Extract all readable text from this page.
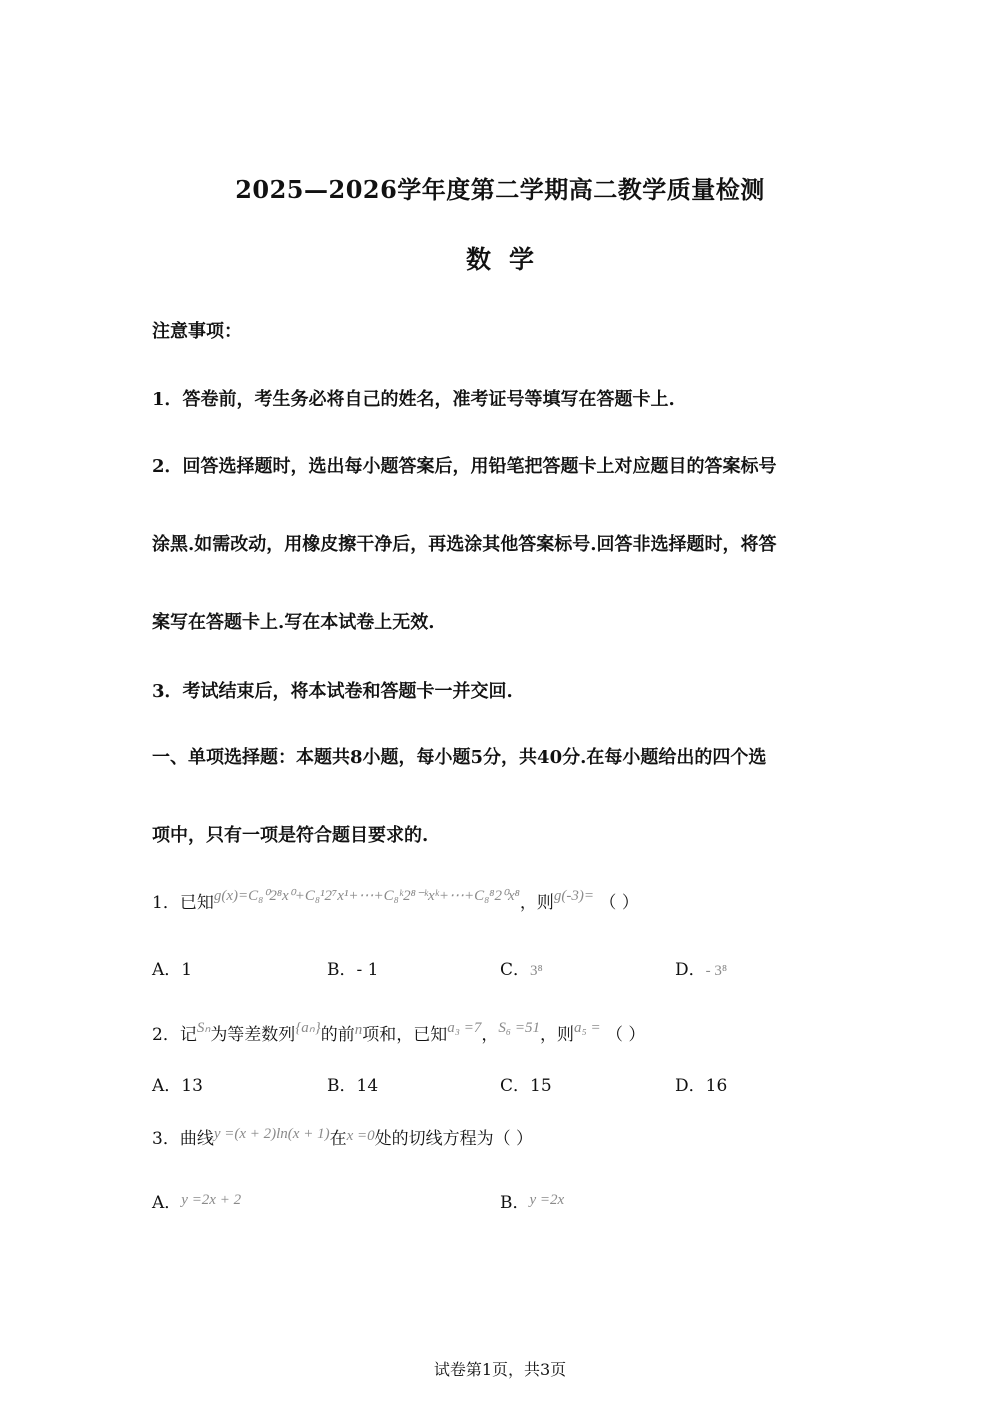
2025—2026学年度第二学期高二教学质量检测
数学
注意事项：
1．答卷前，考生务必将自己的姓名，准考证号等填写在答题卡上.
2．回答选择题时，选出每小题答案后，用铅笔把答题卡上对应题目的答案标号
涂黑.如需改动，用橡皮擦干净后，再选涂其他答案标号.回答非选择题时，将答
案写在答题卡上.写在本试卷上无效.
3．考试结束后，将本试卷和答题卡一并交回.
一、单项选择题：本题共8小题，每小题5分，共40分.在每小题给出的四个选
项中，只有一项是符合题目要求的.
1．已知g(x)=C₈⁰2⁸x⁰+C₈¹2⁷x¹+⋯+C₈ᵏ2⁸⁻ᵏxᵏ+⋯+C₈⁸2⁰x⁸，则g(-3)= （ ）
A．1	B．- 1	C．3⁸	D．- 3⁸
2．记Sₙ为等差数列{aₙ}的前n项和，已知a₃ =7，S₆ =51，则a₅ = （ ）
A．13	B．14	C．15	D．16
3．曲线y =(x + 2)ln(x + 1)在x =0处的切线方程为（ ）
A．y =2x + 2	B．y =2x
试卷第1页，共3页
